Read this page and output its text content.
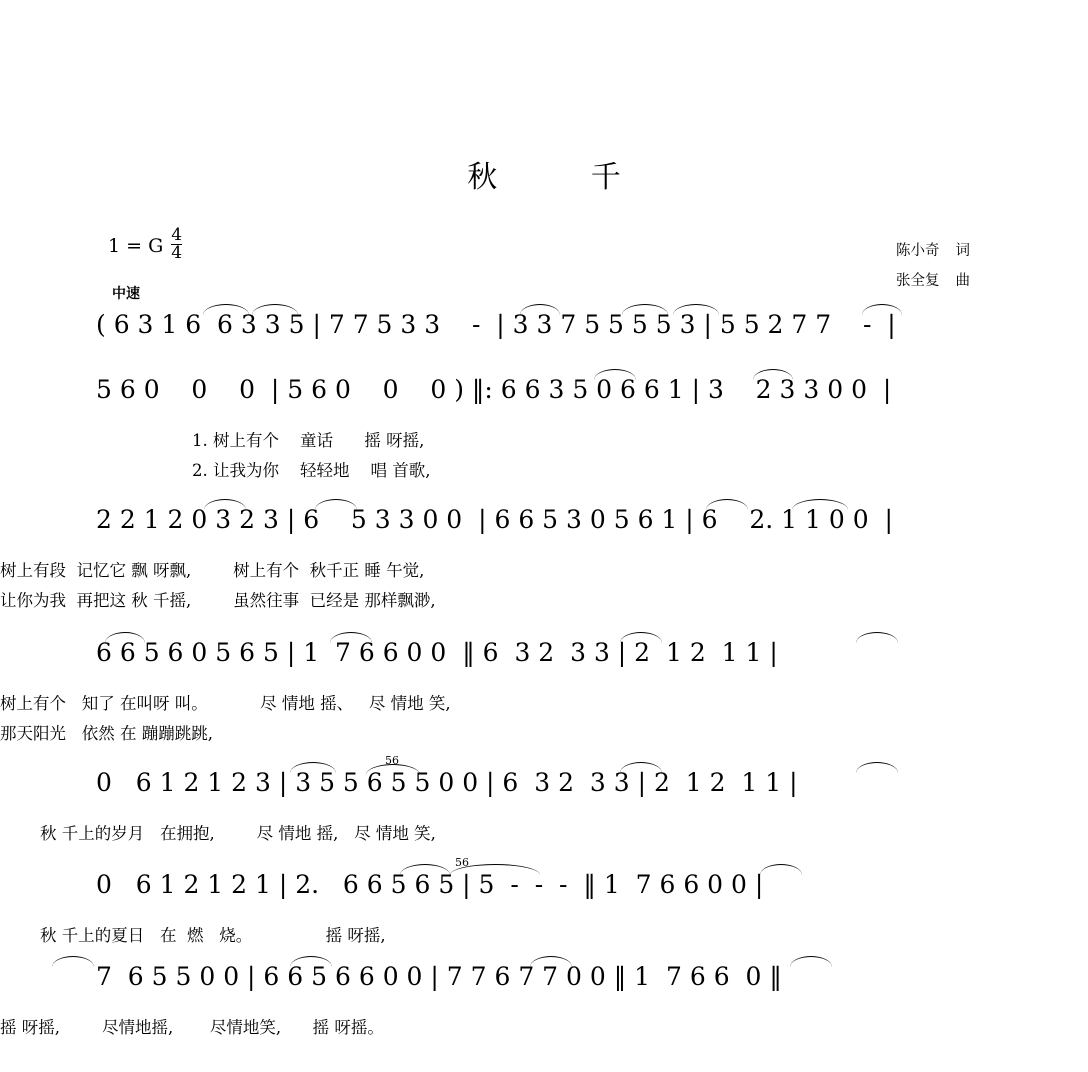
秋 千
1 = G $\frac{4}{4}$
中速
陈小奇 词
张全复 曲
( 6 3 1 6  6 3 3 5 | 7 7 5 3 3    -  | 3 3 7 5 5 5 5 3 | 5 5 2 7 7    -  |
5 6 0    0    0  | 5 6 0    0    0 ) ‖: 6 6 3 5 0 6 6 1 | 3    2 3 3 0 0  |
1. 树上有个    童话      摇 呀摇,
2. 让我为你    轻轻地    唱 首歌,
2 2 1 2 0 3 2 3 | 6    5 3 3 0 0  | 6 6 5 3 0 5 6 1 | 6    2. 1 1 0 0  |
树上有段  记忆它 飘 呀飘,        树上有个  秋千正 睡 午觉,
让你为我  再把这 秋 千摇,        虽然往事  已经是 那样飘渺,
6 6 5 6 0 5 6 5 | 1  7 6 6 0 0  ‖ 6  3 2  3 3 | 2  1 2  1 1 |
树上有个   知了 在叫呀 叫。          尽 情地 摇、   尽 情地 笑,
那天阳光   依然 在 蹦蹦跳跳,
0   6 1 2 1 2 3 | 3 5 5 6 5 5 0 0 | 6  3 2  3 3 | 2  1 2  1 1 |
秋 千上的岁月   在拥抱,        尽 情地 摇,   尽 情地 笑,
56
0   6 1 2 1 2 1 | 2.   6 6 5 6 5 | 5  -  -  -  ‖ 1  7 6 6 0 0 |
秋 千上的夏日   在  燃   烧。              摇 呀摇,
56
7  6 5 5 0 0 | 6 6 5 6 6 0 0 | 7 7 6 7 7 0 0 ‖ 1  7 6 6  0 ‖
摇 呀摇,        尽情地摇,       尽情地笑,      摇 呀摇。
